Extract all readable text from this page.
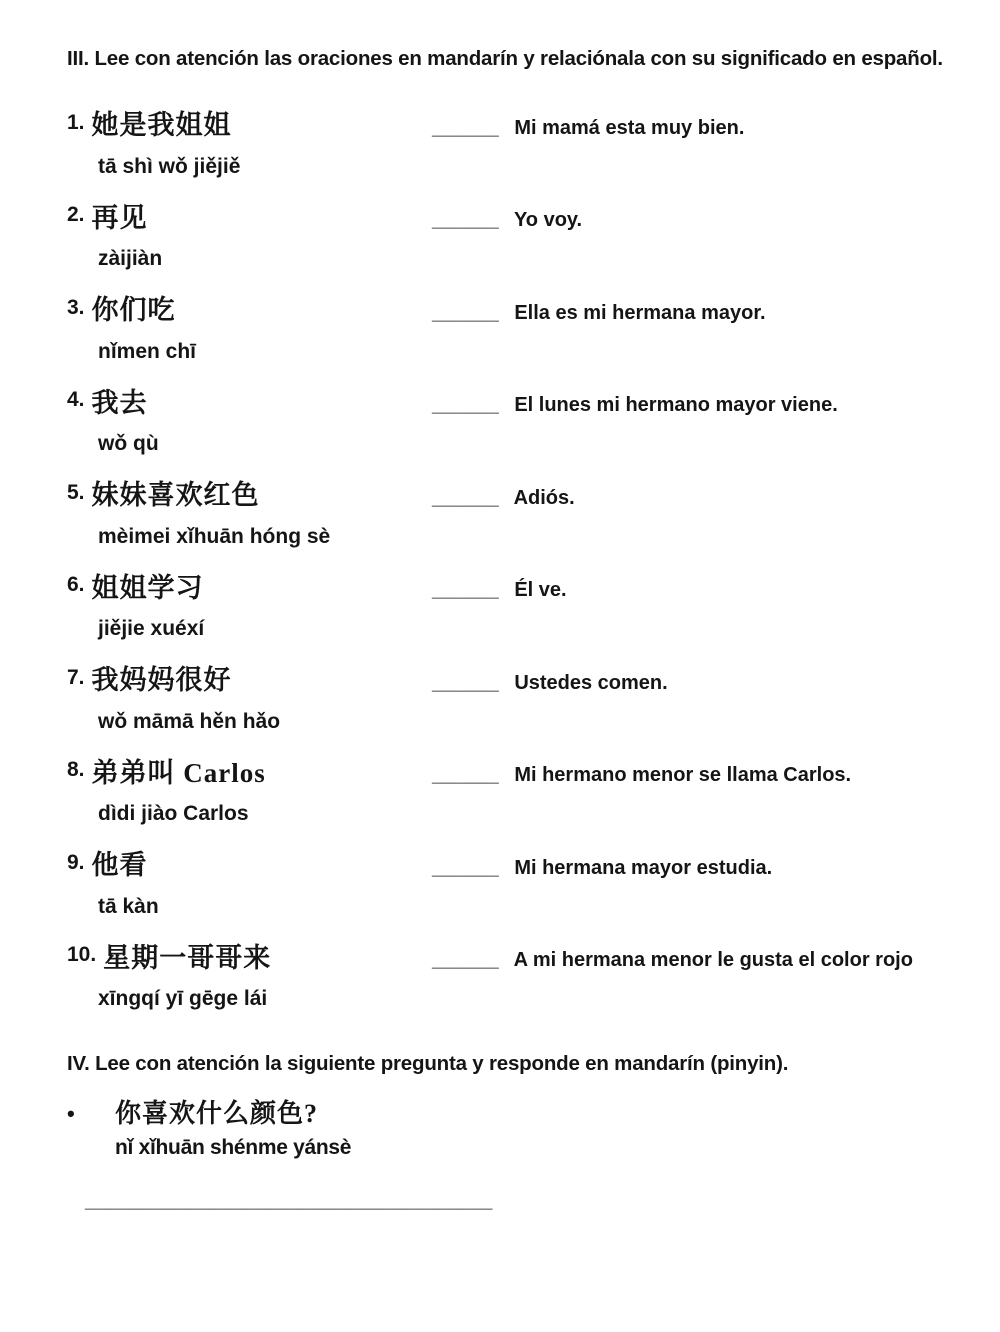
III. Lee con atención las oraciones en mandarín y relaciónala con su significado en español.

1. 她是我姐姐
tā shì wǒ jiějiě
______ Mi mamá esta muy bien.
2. 再见
zàijiàn
______ Yo voy.
3. 你们吃
nǐmen chī
______ Ella es mi hermana mayor.
4. 我去
wǒ qù
______ El lunes mi hermano mayor viene.
5. 妹妹喜欢红色
mèimei xǐhuān hóng sè
______ Adiós.
6. 姐姐学习
jiějie xuéxí
______ Él ve.
7. 我妈妈很好
wǒ māmā hěn hǎo
______ Ustedes comen.
8. 弟弟叫 Carlos
dìdi jiào Carlos
______ Mi hermano menor se llama Carlos.
9. 他看
tā kàn
______ Mi hermana mayor estudia.
10. 星期一哥哥来
xīngqí yī gēge lái
______ A mi hermana menor le gusta el color rojo

IV. Lee con atención la siguiente pregunta y responde en mandarín (pinyin).

•	你喜欢什么颜色?
nǐ xǐhuān shénme yánsè
____________________________________
